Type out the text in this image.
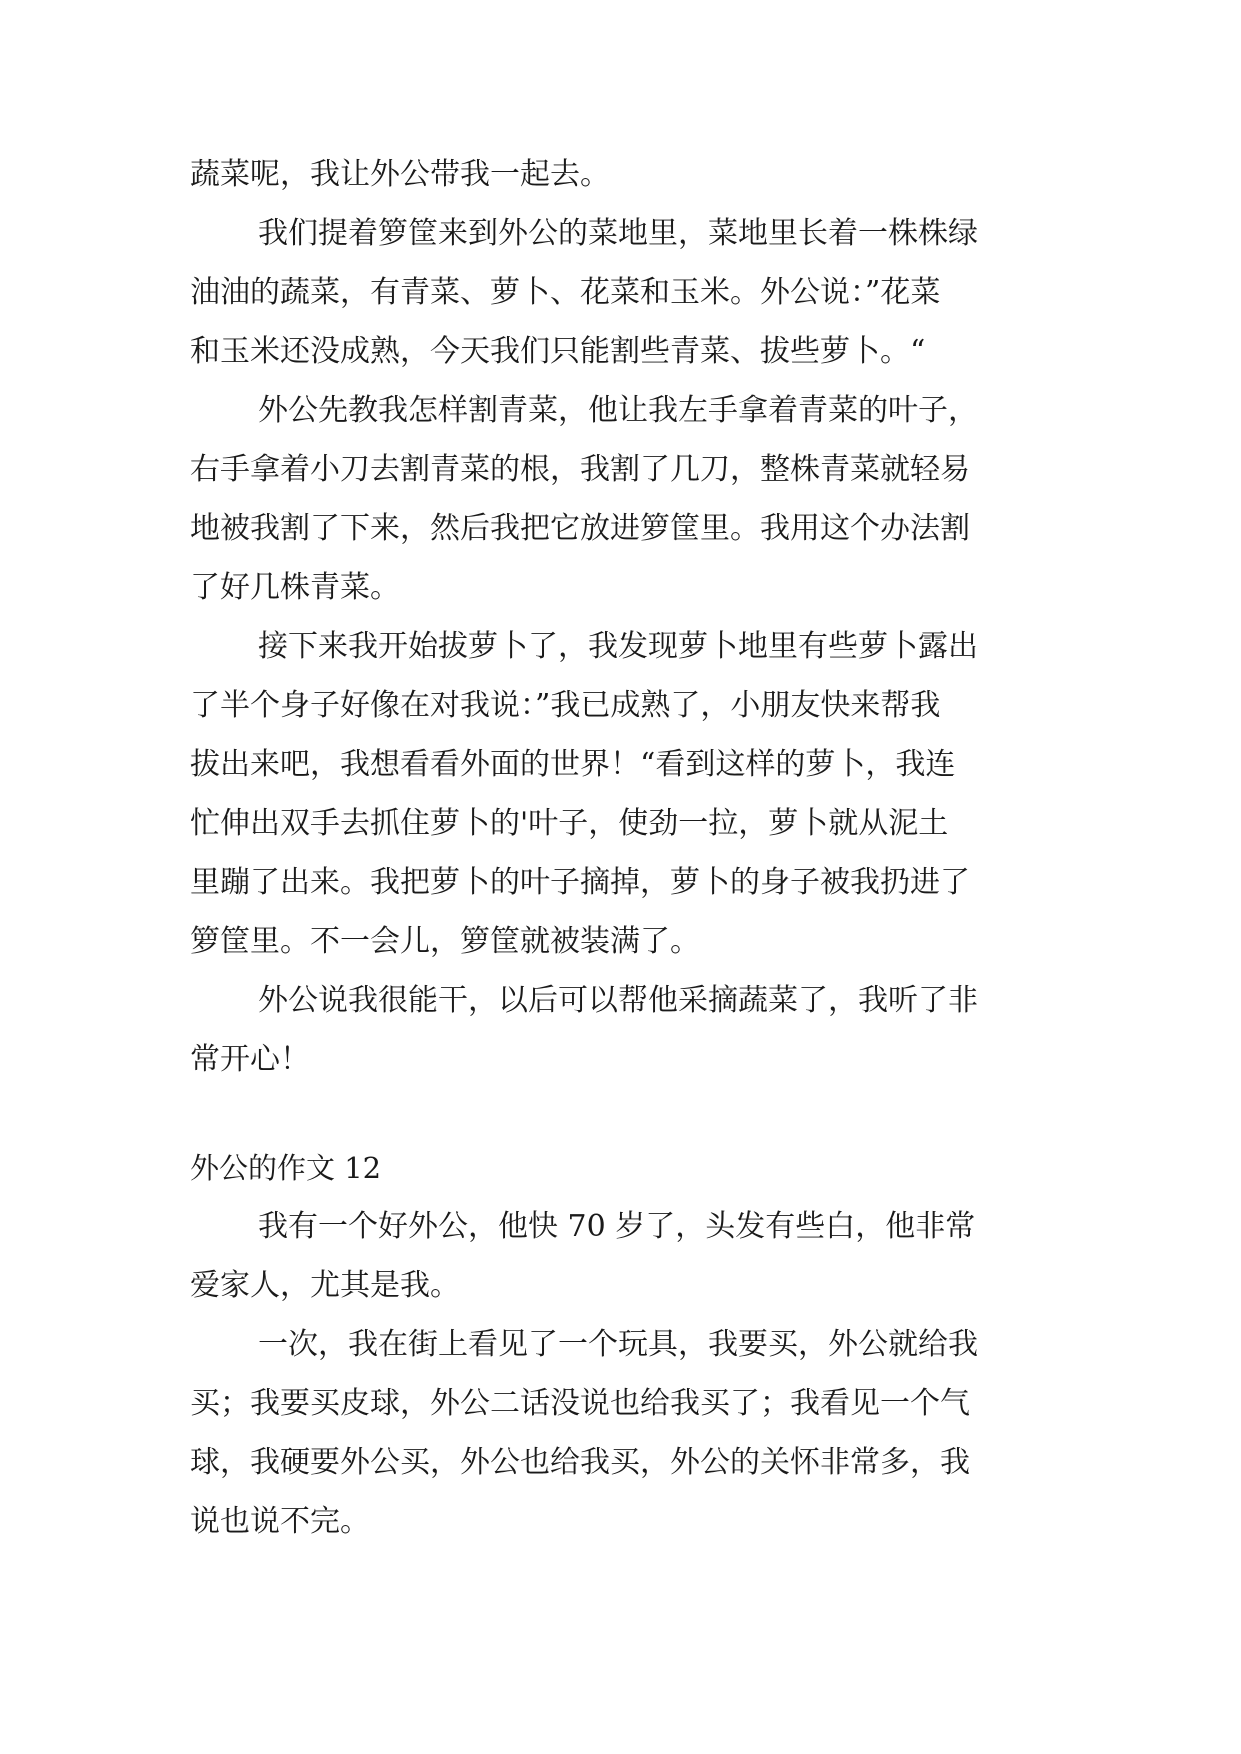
蔬菜呢，我让外公带我一起去。
我们提着箩筐来到外公的菜地里，菜地里长着一株株绿
油油的蔬菜，有青菜、萝卜、花菜和玉米。外公说：”花菜
和玉米还没成熟，今天我们只能割些青菜、拔些萝卜。“
外公先教我怎样割青菜，他让我左手拿着青菜的叶子，
右手拿着小刀去割青菜的根，我割了几刀，整株青菜就轻易
地被我割了下来，然后我把它放进箩筐里。我用这个办法割
了好几株青菜。
接下来我开始拔萝卜了，我发现萝卜地里有些萝卜露出
了半个身子好像在对我说：”我已成熟了，小朋友快来帮我
拔出来吧，我想看看外面的世界！“看到这样的萝卜，我连
忙伸出双手去抓住萝卜的'叶子，使劲一拉，萝卜就从泥土
里蹦了出来。我把萝卜的叶子摘掉，萝卜的身子被我扔进了
箩筐里。不一会儿，箩筐就被装满了。
外公说我很能干，以后可以帮他采摘蔬菜了，我听了非
常开心！
外公的作文 12
我有一个好外公，他快 70 岁了，头发有些白，他非常
爱家人，尤其是我。
一次，我在街上看见了一个玩具，我要买，外公就给我
买；我要买皮球，外公二话没说也给我买了；我看见一个气
球，我硬要外公买，外公也给我买，外公的关怀非常多，我
说也说不完。
